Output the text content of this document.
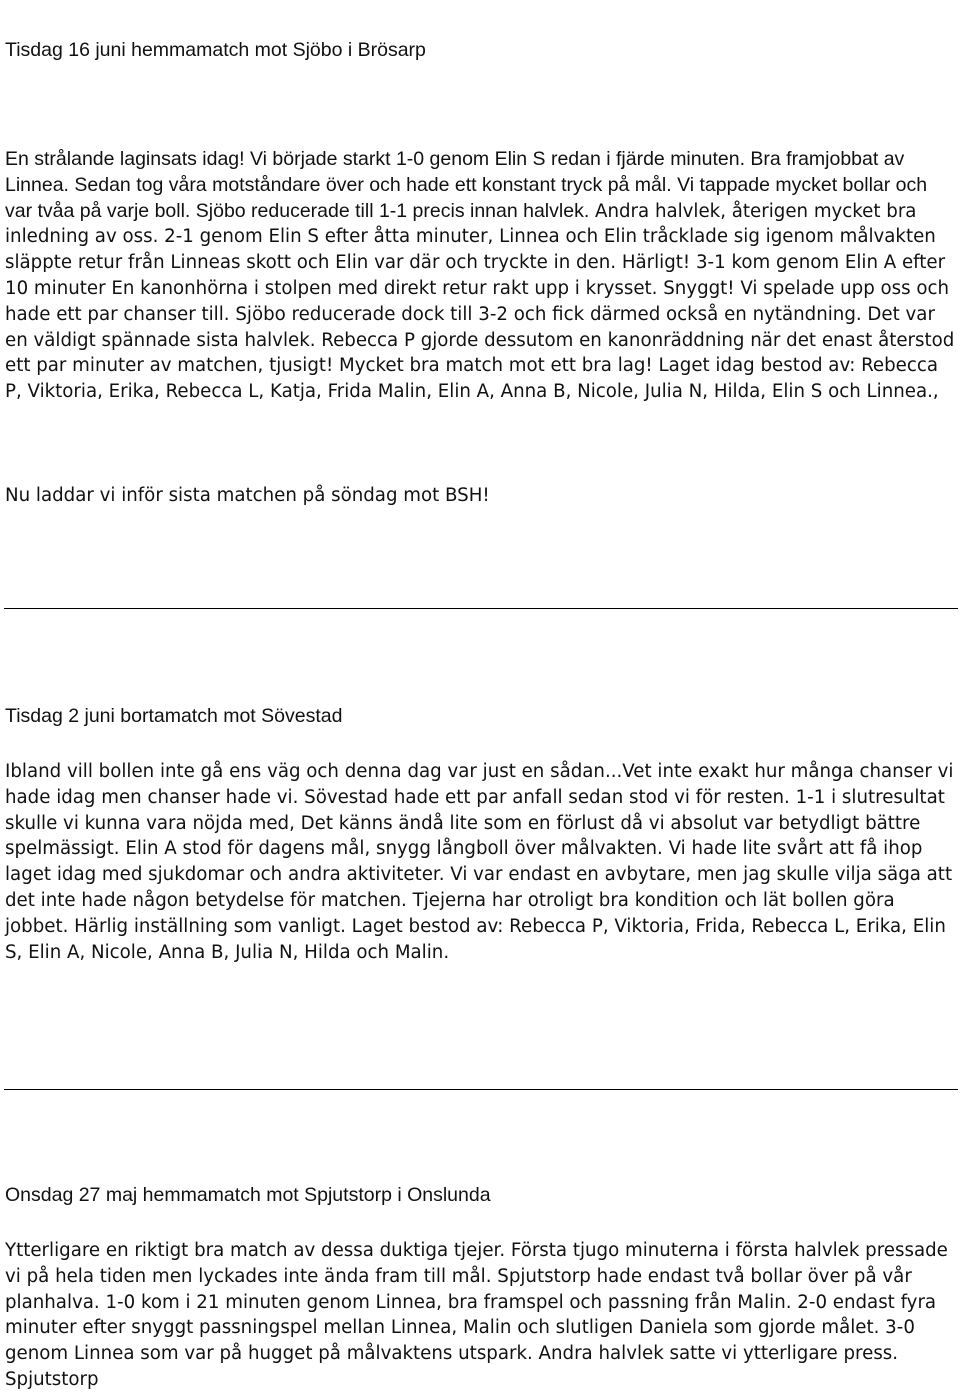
Tisdag 16 juni hemmamatch mot Sjöbo i Brösarp

En strålande laginsats idag! Vi började starkt 1-0 genom Elin S redan i fjärde minuten. Bra framjobbat av Linnea. Sedan tog våra motståndare över och hade ett konstant tryck på mål. Vi tappade mycket bollar och var tvåa på varje boll. Sjöbo reducerade till 1-1 precis innan halvlek. Andra halvlek, återigen mycket bra inledning av oss. 2-1 genom Elin S efter åtta minuter, Linnea och Elin tråcklade sig igenom målvakten släppte retur från Linneas skott och Elin var där och tryckte in den. Härligt! 3-1 kom genom Elin A efter 10 minuter En kanonhörna i stolpen med direkt retur rakt upp i krysset. Snyggt! Vi spelade upp oss och hade ett par chanser till. Sjöbo reducerade dock till 3-2 och fick därmed också en nytändning. Det var en väldigt spännade sista halvlek. Rebecca P gjorde dessutom en kanonräddning när det enast återstod ett par minuter av matchen, tjusigt! Mycket bra match mot ett bra lag! Laget idag bestod av: Rebecca P, Viktoria, Erika, Rebecca L, Katja, Frida Malin, Elin A, Anna B, Nicole, Julia N, Hilda, Elin S och Linnea.,

Nu laddar vi inför sista matchen på söndag mot BSH!

Tisdag 2 juni bortamatch mot Sövestad

Ibland vill bollen inte gå ens väg och denna dag var just en sådan...Vet inte exakt hur många chanser vi hade idag men chanser hade vi. Sövestad hade ett par anfall sedan stod vi för resten. 1-1 i slutresultat skulle vi kunna vara nöjda med, Det känns ändå lite som en förlust då vi absolut var betydligt bättre spelmässigt. Elin A stod för dagens mål, snygg långboll över målvakten. Vi hade lite svårt att få ihop laget idag med sjukdomar och andra aktiviteter. Vi var endast en avbytare, men jag skulle vilja säga att det inte hade någon betydelse för matchen. Tjejerna har otroligt bra kondition och lät bollen göra jobbet. Härlig inställning som vanligt. Laget bestod av: Rebecca P, Viktoria, Frida, Rebecca L, Erika, Elin S, Elin A, Nicole, Anna B, Julia N, Hilda och Malin.

Onsdag 27 maj hemmamatch mot Spjutstorp i Onslunda

Ytterligare en riktigt bra match av dessa duktiga tjejer. Första tjugo minuterna i första halvlek pressade vi på hela tiden men lyckades inte ända fram till mål. Spjutstorp hade endast två bollar över på vår planhalva. 1-0 kom i 21 minuten genom Linnea, bra framspel och passning från Malin. 2-0 endast fyra minuter efter snyggt passningspel mellan Linnea, Malin och slutligen Daniela som gjorde målet. 3-0 genom Linnea som var på hugget på målvaktens utspark. Andra halvlek satte vi ytterligare press. Spjutstorp
